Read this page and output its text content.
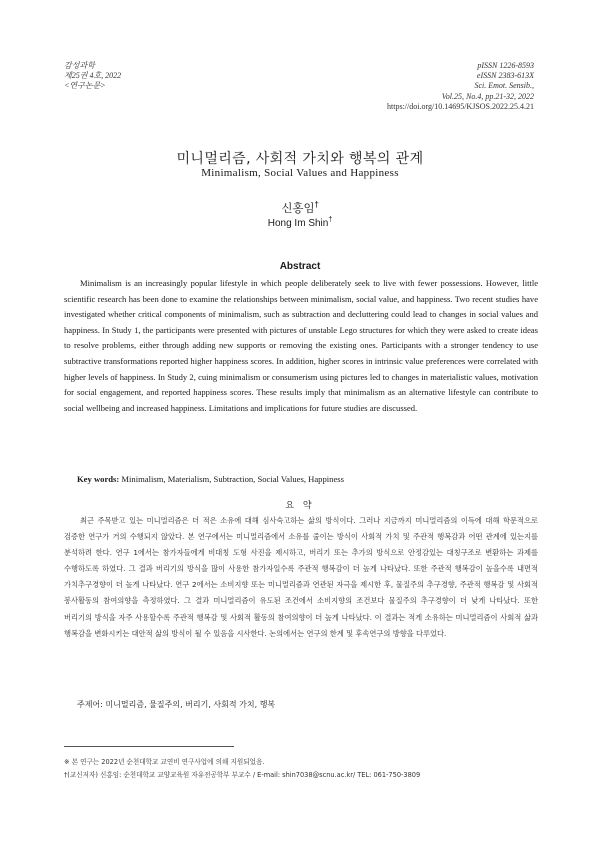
감성과학
제25권 4호, 2022
<연구논문>
pISSN 1226-8593
eISSN 2383-613X
Sci. Emot. Sensib.,
Vol.25, No.4, pp.21-32, 2022
https://doi.org/10.14695/KJSOS.2022.25.4.21
미니멀리즘, 사회적 가치와 행복의 관계
Minimalism, Social Values and Happiness
신홍임†
Hong Im Shin†
Abstract

Minimalism is an increasingly popular lifestyle in which people deliberately seek to live with fewer possessions. However, little scientific research has been done to examine the relationships between minimalism, social value, and happiness. Two recent studies have investigated whether critical components of minimalism, such as subtraction and decluttering could lead to changes in social values and happiness. In Study 1, the participants were presented with pictures of unstable Lego structures for which they were asked to create ideas to resolve problems, either through adding new supports or removing the existing ones. Participants with a stronger tendency to use subtractive transformations reported higher happiness scores. In addition, higher scores in intrinsic value preferences were correlated with higher levels of happiness. In Study 2, cuing minimalism or consumerism using pictures led to changes in materialistic values, motivation for social engagement, and reported happiness scores. These results imply that minimalism as an alternative lifestyle can contribute to social wellbeing and increased happiness. Limitations and implications for future studies are discussed.

Key words: Minimalism, Materialism, Subtraction, Social Values, Happiness
요 약

최근 주목받고 있는 미니멀리즘은 더 적은 소유에 대해 심사숙고하는 삶의 방식이다. 그러나 지금까지 미니멀리즘의 이득에 대해 학문적으로 검증한 연구가 거의 수행되지 않았다. 본 연구에서는 미니멀리즘에서 소유를 줄이는 방식이 사회적 가치 및 주관적 행복감과 어떤 관계에 있는지를 분석하려 한다. 연구 1에서는 참가자들에게 비대칭 도형 사진을 제시하고, 버리기 또는 추가의 방식으로 안정감있는 대칭구조로 변환하는 과제를 수행하도록 하였다. 그 결과 버리기의 방식을 많이 사용한 참가자일수록 주관적 행복감이 더 높게 나타났다. 또한 주관적 행복감이 높을수록 내면적 가치추구경향이 더 높게 나타났다. 연구 2에서는 소비지향 또는 미니멀리즘과 연관된 자극을 제시한 후, 물질주의 추구경향, 주관적 행복감 및 사회적 봉사활동의 참여의향을 측정하였다. 그 결과 미니멀리즘이 유도된 조건에서 소비지향의 조건보다 물질주의 추구경향이 더 낮게 나타났다. 또한 버리기의 방식을 자주 사용할수록 주관적 행복감 및 사회적 활동의 참여의향이 더 높게 나타났다. 이 결과는 적게 소유하는 미니멀리즘이 사회적 삶과 행복감을 변화시키는 대안적 삶의 방식이 될 수 있음을 시사한다. 논의에서는 연구의 한계 및 후속연구의 방향을 다루었다.

주제어: 미니멀리즘, 물질주의, 버리기, 사회적 가치, 행복
※ 본 연구는 2022년 순천대학교 교연비 연구사업에 의해 지원되었음.
†(교신저자) 신홍임: 순천대학교 교양교육원 자유전공학부 부교수 / E-mail: shin7038@scnu.ac.kr/ TEL: 061-750-3809
